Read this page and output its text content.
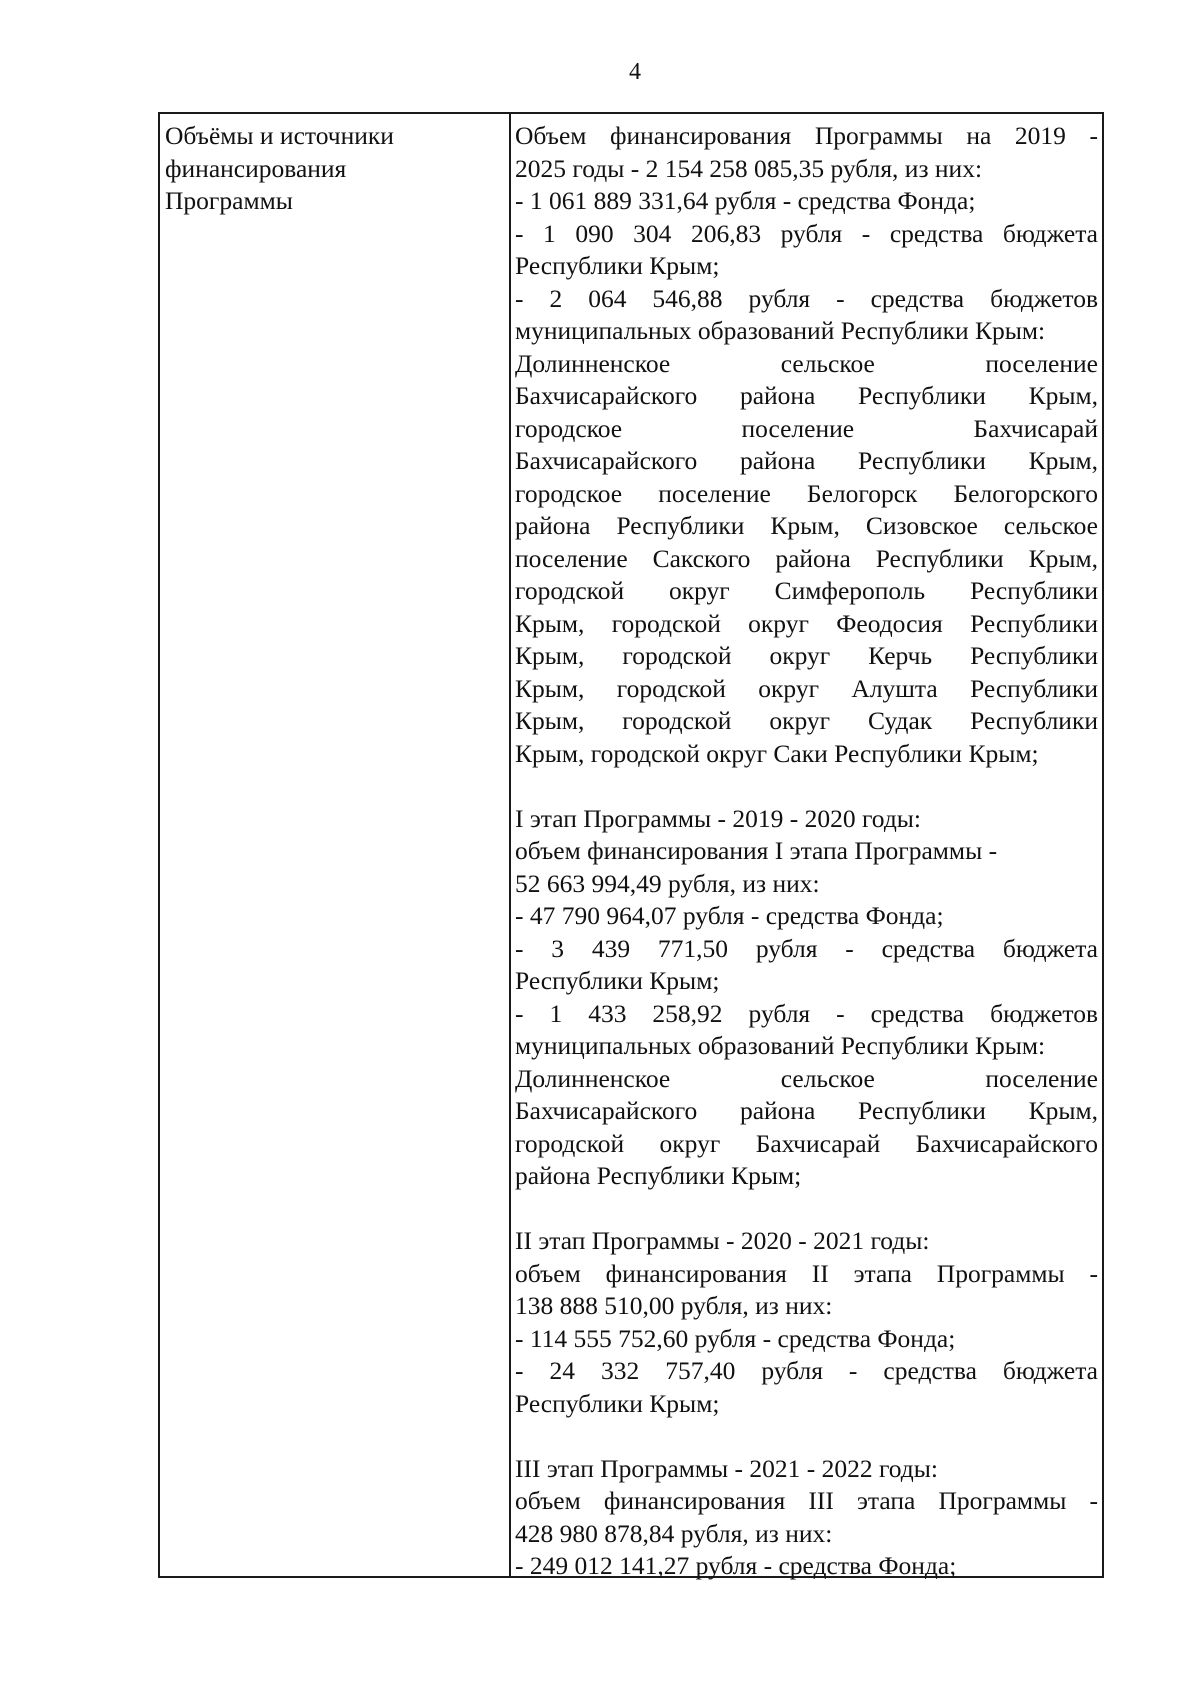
4
Объёмы и источники
финансирования
Программы
Объем финансирования Программы на 2019 -
2025 годы - 2 154 258 085,35 рубля, из них:
- 1 061 889 331,64 рубля - средства Фонда;
- 1 090 304 206,83 рубля - средства бюджета
Республики Крым;
- 2 064 546,88 рубля - средства бюджетов
муниципальных образований Республики Крым:
Долинненское сельское поселение
Бахчисарайского района Республики Крым,
городское поселение Бахчисарай
Бахчисарайского района Республики Крым,
городское поселение Белогорск Белогорского
района Республики Крым, Сизовское сельское
поселение Сакского района Республики Крым,
городской округ Симферополь Республики
Крым, городской округ Феодосия Республики
Крым, городской округ Керчь Республики
Крым, городской округ Алушта Республики
Крым, городской округ Судак Республики
Крым, городской округ Саки Республики Крым;
I этап Программы - 2019 - 2020 годы:
объем финансирования I этапа Программы -
52 663 994,49 рубля, из них:
- 47 790 964,07 рубля - средства Фонда;
- 3 439 771,50 рубля - средства бюджета
Республики Крым;
- 1 433 258,92 рубля - средства бюджетов
муниципальных образований Республики Крым:
Долинненское сельское поселение
Бахчисарайского района Республики Крым,
городской округ Бахчисарай Бахчисарайского
района Республики Крым;
II этап Программы - 2020 - 2021 годы:
объем финансирования II этапа Программы -
138 888 510,00 рубля, из них:
- 114 555 752,60 рубля - средства Фонда;
- 24 332 757,40 рубля - средства бюджета
Республики Крым;
III этап Программы - 2021 - 2022 годы:
объем финансирования III этапа Программы -
428 980 878,84 рубля, из них:
- 249 012 141,27 рубля - средства Фонда;
